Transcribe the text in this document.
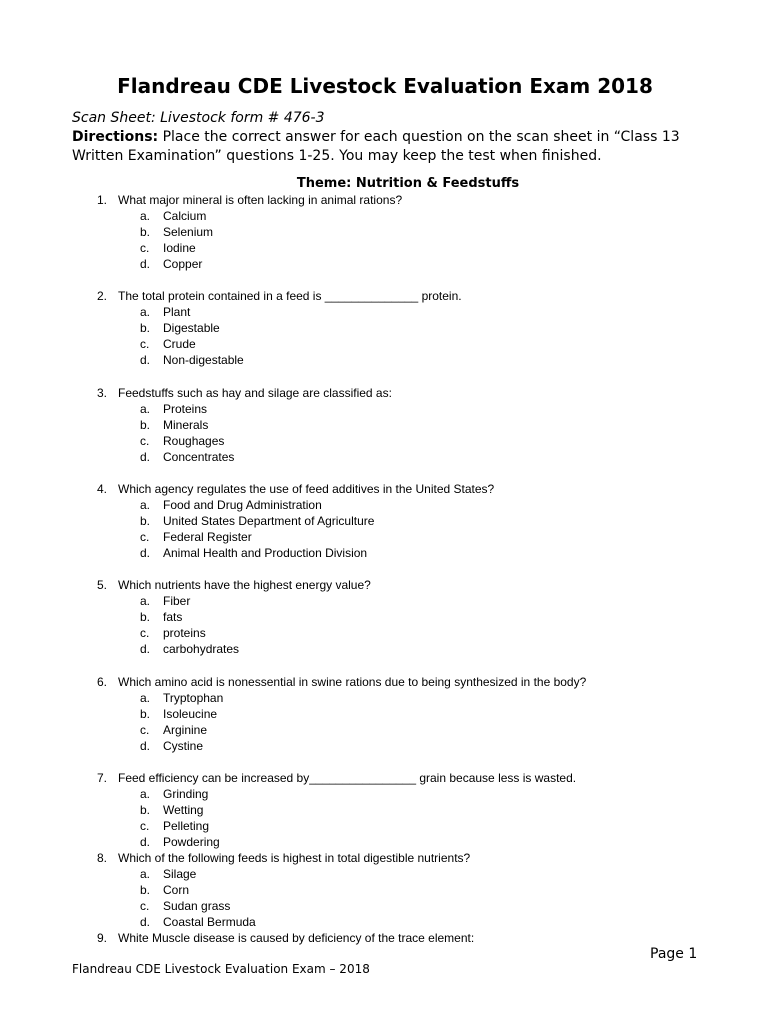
Flandreau CDE Livestock Evaluation Exam 2018
Scan Sheet: Livestock form # 476-3
Directions: Place the correct answer for each question on the scan sheet in “Class 13 Written Examination” questions 1-25. You may keep the test when finished.
Theme: Nutrition & Feedstuffs
1. What major mineral is often lacking in animal rations?
a. Calcium
b. Selenium
c. Iodine
d. Copper
2. The total protein contained in a feed is ______________ protein.
a. Plant
b. Digestable
c. Crude
d. Non-digestable
3. Feedstuffs such as hay and silage are classified as:
a. Proteins
b. Minerals
c. Roughages
d. Concentrates
4. Which agency regulates the use of feed additives in the United States?
a. Food and Drug Administration
b. United States Department of Agriculture
c. Federal Register
d. Animal Health and Production Division
5. Which nutrients have the highest energy value?
a. Fiber
b. fats
c. proteins
d. carbohydrates
6. Which amino acid is nonessential in swine rations due to being synthesized in the body?
a. Tryptophan
b. Isoleucine
c. Arginine
d. Cystine
7. Feed efficiency can be increased by________________ grain because less is wasted.
a. Grinding
b. Wetting
c. Pelleting
d. Powdering
8. Which of the following feeds is highest in total digestible nutrients?
a. Silage
b. Corn
c. Sudan grass
d. Coastal Bermuda
9. White Muscle disease is caused by deficiency of the trace element:
Page 1
Flandreau CDE Livestock Evaluation Exam – 2018
